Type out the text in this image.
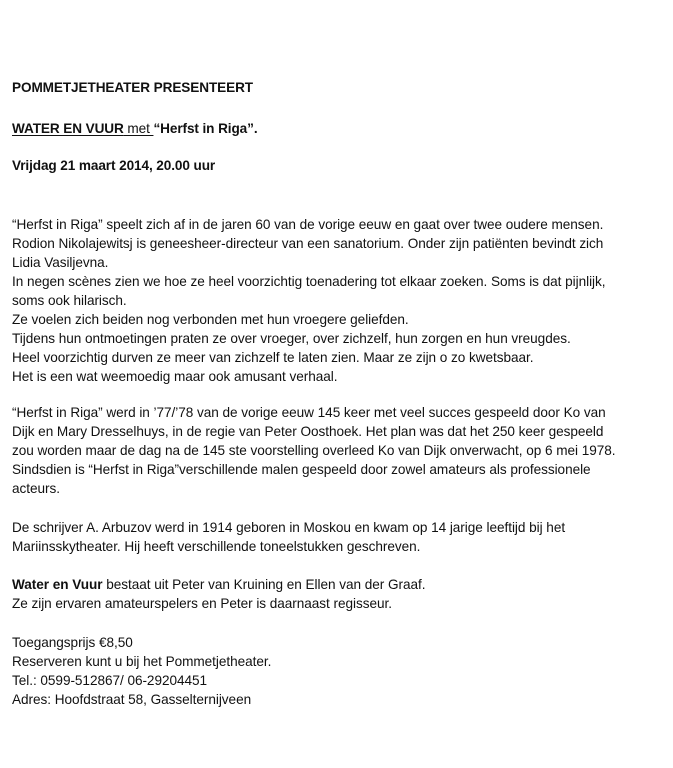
POMMETJETHEATER PRESENTEERT
WATER EN VUUR met “Herfst in Riga”.
Vrijdag 21 maart 2014, 20.00 uur
“Herfst in Riga” speelt zich af in de jaren 60 van de vorige eeuw en gaat over twee oudere mensen.
Rodion Nikolajewitsj is geneesheer-directeur van een sanatorium. Onder zijn patiënten bevindt zich
Lidia Vasiljevna.
In negen scènes zien we hoe ze heel voorzichtig toenadering tot elkaar zoeken. Soms is dat pijnlijk,
soms ook hilarisch.
Ze voelen zich beiden nog verbonden met hun vroegere geliefden.
Tijdens hun ontmoetingen praten ze over vroeger, over zichzelf, hun zorgen en hun vreugdes.
Heel voorzichtig durven ze meer van zichzelf te laten zien. Maar ze zijn o zo kwetsbaar.
Het is een wat weemoedig maar ook amusant verhaal.
“Herfst in Riga” werd in ’77/’78 van de vorige eeuw 145 keer met veel succes gespeeld door Ko van
Dijk en Mary Dresselhuys, in de regie van Peter Oosthoek. Het plan was dat het 250 keer gespeeld
zou worden maar de dag na de 145 ste voorstelling overleed Ko van Dijk onverwacht, op 6 mei 1978.
Sindsdien is “Herfst in Riga”verschillende malen gespeeld door zowel amateurs als professionele
acteurs.
De schrijver A. Arbuzov werd in 1914 geboren in Moskou en kwam op 14 jarige leeftijd bij het
Mariinsskytheater. Hij heeft verschillende toneelstukken geschreven.
Water en Vuur bestaat uit Peter van Kruining en Ellen van der Graaf.
Ze zijn ervaren amateurspelers en Peter is daarnaast regisseur.
Toegangsprijs €8,50
Reserveren kunt u bij het Pommetjetheater.
Tel.: 0599-512867/ 06-29204451
Adres: Hoofdstraat 58, Gasselternijveen
